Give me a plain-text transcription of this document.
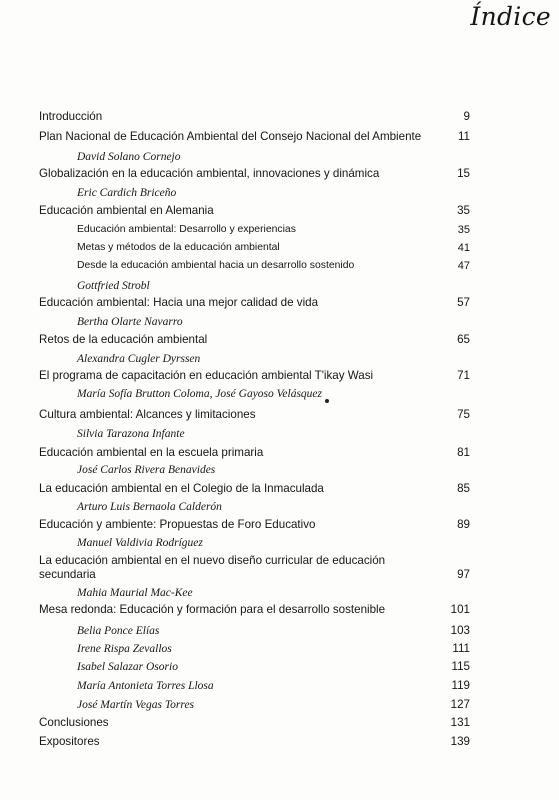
Índice
Introducción	9
Plan Nacional de Educación Ambiental del Consejo Nacional del Ambiente	11
David Solano Cornejo
Globalización en la educación ambiental, innovaciones y dinámica	15
Eric Cardich Briceño
Educación ambiental en Alemania	35
Educación ambiental: Desarrollo y experiencias	35
Metas y métodos de la educación ambiental	41
Desde la educación ambiental hacia un desarrollo sostenido	47
Gottfried Strobl
Educación ambiental: Hacia una mejor calidad de vida	57
Bertha Olarte Navarro
Retos de la educación ambiental	65
Alexandra Cugler Dyrssen
El programa de capacitación en educación ambiental T'ikay Wasi	71
María Sofía Brutton Coloma, José Gayoso Velásquez
Cultura ambiental: Alcances y limitaciones	75
Silvia Tarazona Infante
Educación ambiental en la escuela primaria	81
José Carlos Rivera Benavides
La educación ambiental en el Colegio de la Inmaculada	85
Arturo Luis Bernaola Calderón
Educación y ambiente: Propuestas de Foro Educativo	89
Manuel Valdivia Rodríguez
La educación ambiental en el nuevo diseño curricular de educación secundaria	97
Mahia Maurial Mac-Kee
Mesa redonda: Educación y formación para el desarrollo sostenible	101
Belia Ponce Elías	103
Irene Rispa Zevallos	111
Isabel Salazar Osorio	115
María Antonieta Torres Llosa	119
José Martín Vegas Torres	127
Conclusiones	131
Expositores	139
